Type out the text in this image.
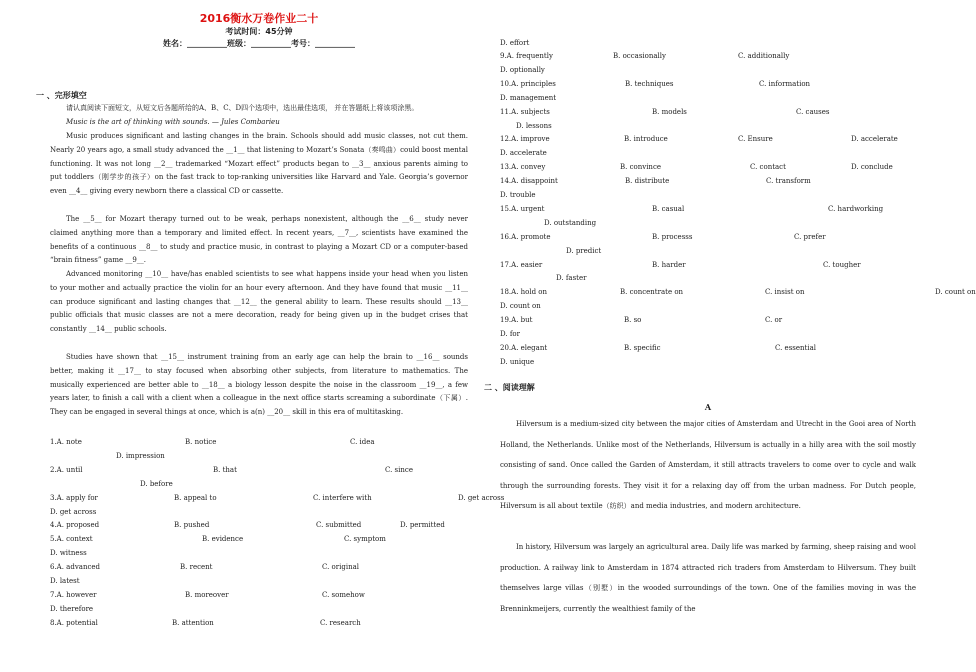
2016衡水万卷作业二十
考试时间：45分钟
姓名：__________班级：__________考号：__________
一 、完形填空
请认真阅读下面短文，从短文后各题所给的A、B、C、D四个选项中，选出最佳选项， 并在答题纸上将该项涂黑。
Music is the art of thinking with sounds. — Jules Combarieu
Music produces significant and lasting changes in the brain. Schools should add music classes, not cut them. Nearly 20 years ago, a small study advanced the __1__ that listening to Mozart’s Sonata（奏鸣曲）could boost mental functioning. It was not long __2__ trademarked “Mozart effect” products began to __3__ anxious parents aiming to put toddlers（刚学步的孩子）on the fast track to top-ranking universities like Harvard and Yale. Georgia’s governor even __4__ giving every newborn there a classical CD or cassette.
The __5__ for Mozart therapy turned out to be weak, perhaps nonexistent, although the __6__ study never claimed anything more than a temporary and limited effect. In recent years, __7__, scientists have examined the benefits of a continuous __8__ to study and practice music, in contrast to playing a Mozart CD or a computer-based “brain fitness” game __9__.
Advanced monitoring __10__ have/has enabled scientists to see what happens inside your head when you listen to your mother and actually practice the violin for an hour every afternoon. And they have found that music __11__ can produce significant and lasting changes that __12__ the general ability to learn. These results should __13__ public officials that music classes are not a mere decoration, ready for being given up in the budget crises that constantly __14__ public schools.
Studies have shown that __15__ instrument training from an early age can help the brain to __16__ sounds better, making it __17__ to stay focused when absorbing other subjects, from literature to mathematics. The musically experienced are better able to __18__ a biology lesson despite the noise in the classroom __19__, a few years later, to finish a call with a client when a colleague in the next office starts screaming a subordinate（下属）. They can be engaged in several things at once, which is a(n) __20__ skill in this era of multitasking.
1.A. note	B. notice	C. idea
D. impression
2.A. until	B. that	C. since
D. before
3.A. apply for	B. appeal to	C. interfere with	D. get across
D. get across
4.A. proposed	B. pushed	C. submitted	D. permitted
5.A. context	B. evidence	C. symptom
D. witness
6.A. advanced	B. recent	C. original
D. latest
7.A. however	B. moreover	C. somehow
D. therefore
8.A. potential	B. attention	C. research
D. effort
9.A. frequently	B. occasionally	C. additionally
D. optionally
10.A. principles	B. techniques	C. information
D. management
11.A. subjects	B. models	C. causes
D. lessons
12.A. improve	B. introduce	C. Ensure	D. accelerate
D. accelerate
13.A. convey	B. convince	C. contact	D. conclude
14.A. disappoint	B. distribute	C. transform
D. trouble
15.A. urgent	B. casual	C. hardworking
D. outstanding
16.A. promote	B. processs	C. prefer
D. predict
17.A. easier	B. harder	C. tougher
D. faster
18.A. hold on	B. concentrate on	C. insist on	D. count on
D. count on
19.A. but	B. so	C. or
D. for
20.A. elegant	B. specific	C. essential
D. unique
二 、阅读理解
A
Hilversum is a medium-sized city between the major cities of Amsterdam and Utrecht in the Gooi area of North Holland, the Netherlands. Unlike most of the Netherlands, Hilversum is actually in a hilly area with the soil mostly consisting of sand. Once called the Garden of Amsterdam, it still attracts travelers to come over to cycle and walk through the surrounding forests. They visit it for a relaxing day off from the urban madness. For Dutch people, Hilversum is all about textile（纺织）and media industries, and modern architecture.
In history, Hilversum was largely an agricultural area. Daily life was marked by farming, sheep raising and wool production. A railway link to Amsterdam in 1874 attracted rich traders from Amsterdam to Hilversum. They built themselves large villas（别墅）in the wooded surroundings of the town. One of the families moving in was the Brenninkmeijers, currently the wealthiest family of the
